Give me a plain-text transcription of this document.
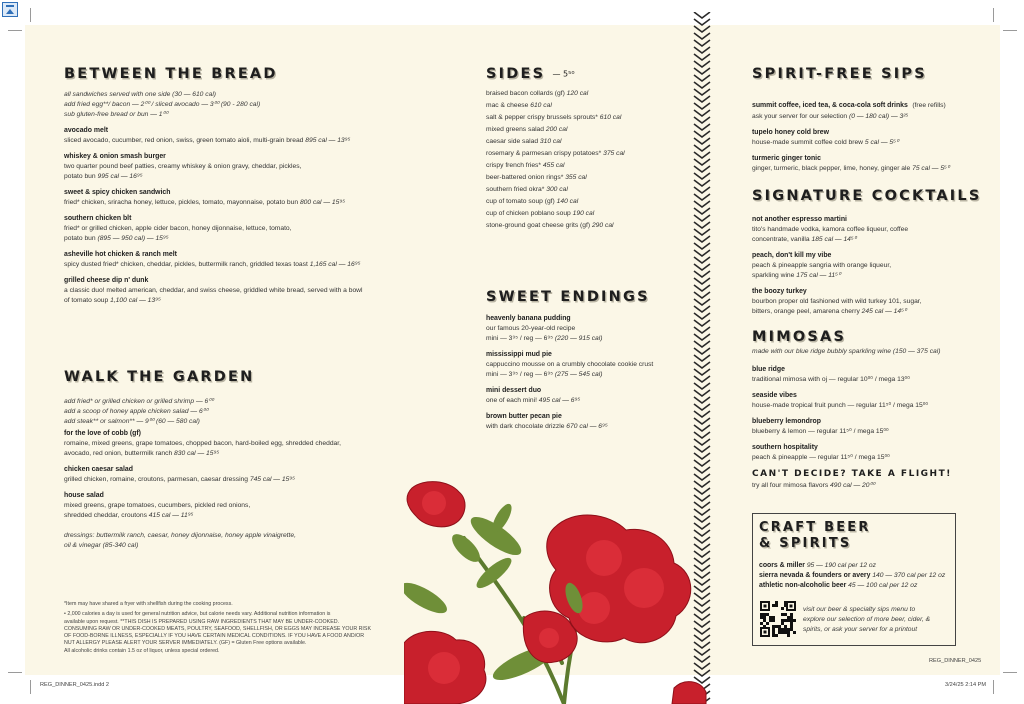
BETWEEN THE BREAD
all sandwiches served with one side (30 — 610 cal)
add fried egg**/ bacon — 2⁰⁰ / sliced avocado — 3⁰⁰ (90 - 280 cal)
sub gluten-free bread or bun — 1⁰⁰
avocado melt
sliced avocado, cucumber, red onion, swiss, green tomato aioli, multi-grain bread 895 cal — 13⁹⁵
whiskey & onion smash burger
two quarter pound beef patties, creamy whiskey & onion gravy, cheddar, pickles,
potato bun 995 cal — 16⁹⁵
sweet & spicy chicken sandwich
fried* chicken, sriracha honey, lettuce, pickles, tomato, mayonnaise, potato bun 800 cal — 15⁹⁵
southern chicken blt
fried* or grilled chicken, apple cider bacon, honey dijonnaise, lettuce, tomato,
potato bun (895 — 950 cal) — 15⁹⁵
asheville hot chicken & ranch melt
spicy dusted fried* chicken, cheddar, pickles, buttermilk ranch, griddled texas toast 1,165 cal — 16⁹⁵
grilled cheese dip n' dunk
a classic duo! melted american, cheddar, and swiss cheese, griddled white bread, served with a bowl
of tomato soup 1,100 cal — 13⁹⁵
WALK THE GARDEN
add fried* or grilled chicken or grilled shrimp — 6⁰⁰
add a scoop of honey apple chicken salad — 6⁰⁰
add steak** or salmon** — 9⁰⁰ (60 — 580 cal)
for the love of cobb (gf)
romaine, mixed greens, grape tomatoes, chopped bacon, hard-boiled egg, shredded cheddar,
avocado, red onion, buttermilk ranch 830 cal — 15⁹⁵
chicken caesar salad
grilled chicken, romaine, croutons, parmesan, caesar dressing 745 cal — 15⁹⁵
house salad
mixed greens, grape tomatoes, cucumbers, pickled red onions,
shredded cheddar, croutons 415 cal — 11⁹⁵
dressings: buttermilk ranch, caesar, honey dijonnaise, honey apple vinaigrette,
oil & vinegar (85-340 cal)
*Item may have shared a fryer with shellfish during the cooking process.
• 2,000 calories a day is used for general nutrition advice, but calorie needs vary. Additional nutrition information is
available upon request. **THIS DISH IS PREPARED USING RAW INGREDIENTS THAT MAY BE UNDER-COOKED.
CONSUMING RAW OR UNDER-COOKED MEATS, POULTRY, SEAFOOD, SHELLFISH, OR EGGS MAY INCREASE YOUR RISK
OF FOOD-BORNE ILLNESS, ESPECIALLY IF YOU HAVE CERTAIN MEDICAL CONDITIONS. IF YOU HAVE A FOOD AND/OR
NUT ALLERGY PLEASE ALERT YOUR SERVER IMMEDIATELY. (GF) = Gluten Free options available.
All alcoholic drinks contain 1.5 oz of liquor, unless special ordered.
SIDES — 5⁵⁰
braised bacon collards (gf) 120 cal
mac & cheese 610 cal
salt & pepper crispy brussels sprouts* 610 cal
mixed greens salad 200 cal
caesar side salad 310 cal
rosemary & parmesan crispy potatoes* 375 cal
crispy french fries* 455 cal
beer-battered onion rings* 355 cal
southern fried okra* 300 cal
cup of tomato soup (gf) 140 cal
cup of chicken poblano soup 190 cal
stone-ground goat cheese grits (gf) 290 cal
SWEET ENDINGS
heavenly banana pudding
our famous 20-year-old recipe
mini — 3⁹⁵ / reg — 6⁹⁵ (220 — 915 cal)
mississippi mud pie
cappuccino mousse on a crumbly chocolate cookie crust
mini — 3⁹⁵ / reg — 6⁹⁵ (275 — 545 cal)
mini dessert duo
one of each mini! 495 cal — 6⁹⁵
brown butter pecan pie
with dark chocolate drizzle 670 cal — 6⁹⁵
SPIRIT-FREE SIPS
summit coffee, iced tea, & coca-cola soft drinks (free refills)
ask your server for our selection (0 — 180 cal) — 3²⁵
tupelo honey cold brew
house-made summit coffee cold brew 5 cal — 5⁵⁰
turmeric ginger tonic
ginger, turmeric, black pepper, lime, honey, ginger ale 75 cal — 5⁵⁰
SIGNATURE COCKTAILS
not another espresso martini
tito's handmade vodka, kamora coffee liqueur, coffee
concentrate, vanilla 185 cal — 14⁵⁰
peach, don't kill my vibe
peach & pineapple sangria with orange liqueur,
sparkling wine 175 cal — 11⁵⁰
the boozy turkey
bourbon proper old fashioned with wild turkey 101, sugar,
bitters, orange peel, amarena cherry 245 cal — 14⁵⁰
MIMOSAS
made with our blue ridge bubbly sparkling wine (150 — 375 cal)
blue ridge
traditional mimosa with oj — regular 10⁰⁰ / mega 13⁰⁰
seaside vibes
house-made tropical fruit punch — regular 11⁵⁰ / mega 15⁰⁰
blueberry lemondrop
blueberry & lemon — regular 11⁵⁰ / mega 15⁰⁰
southern hospitality
peach & pineapple — regular 11⁵⁰ / mega 15⁰⁰
CAN'T DECIDE? TAKE A FLIGHT!
try all four mimosa flavors 490 cal — 20⁰⁰
CRAFT BEER
& SPIRITS
coors & miller 95 — 190 cal per 12 oz
sierra nevada & founders or avery 140 — 370 cal per 12 oz
athletic non-alcoholic beer 45 — 100 cal per 12 oz
visit our beer & specialty sips menu to
explore our selection of more beer, cider, &
spirits, or ask your server for a printout
REG_DINNER_0425
REG_DINNER_0425.indd 2	3/24/25 2:14 PM
